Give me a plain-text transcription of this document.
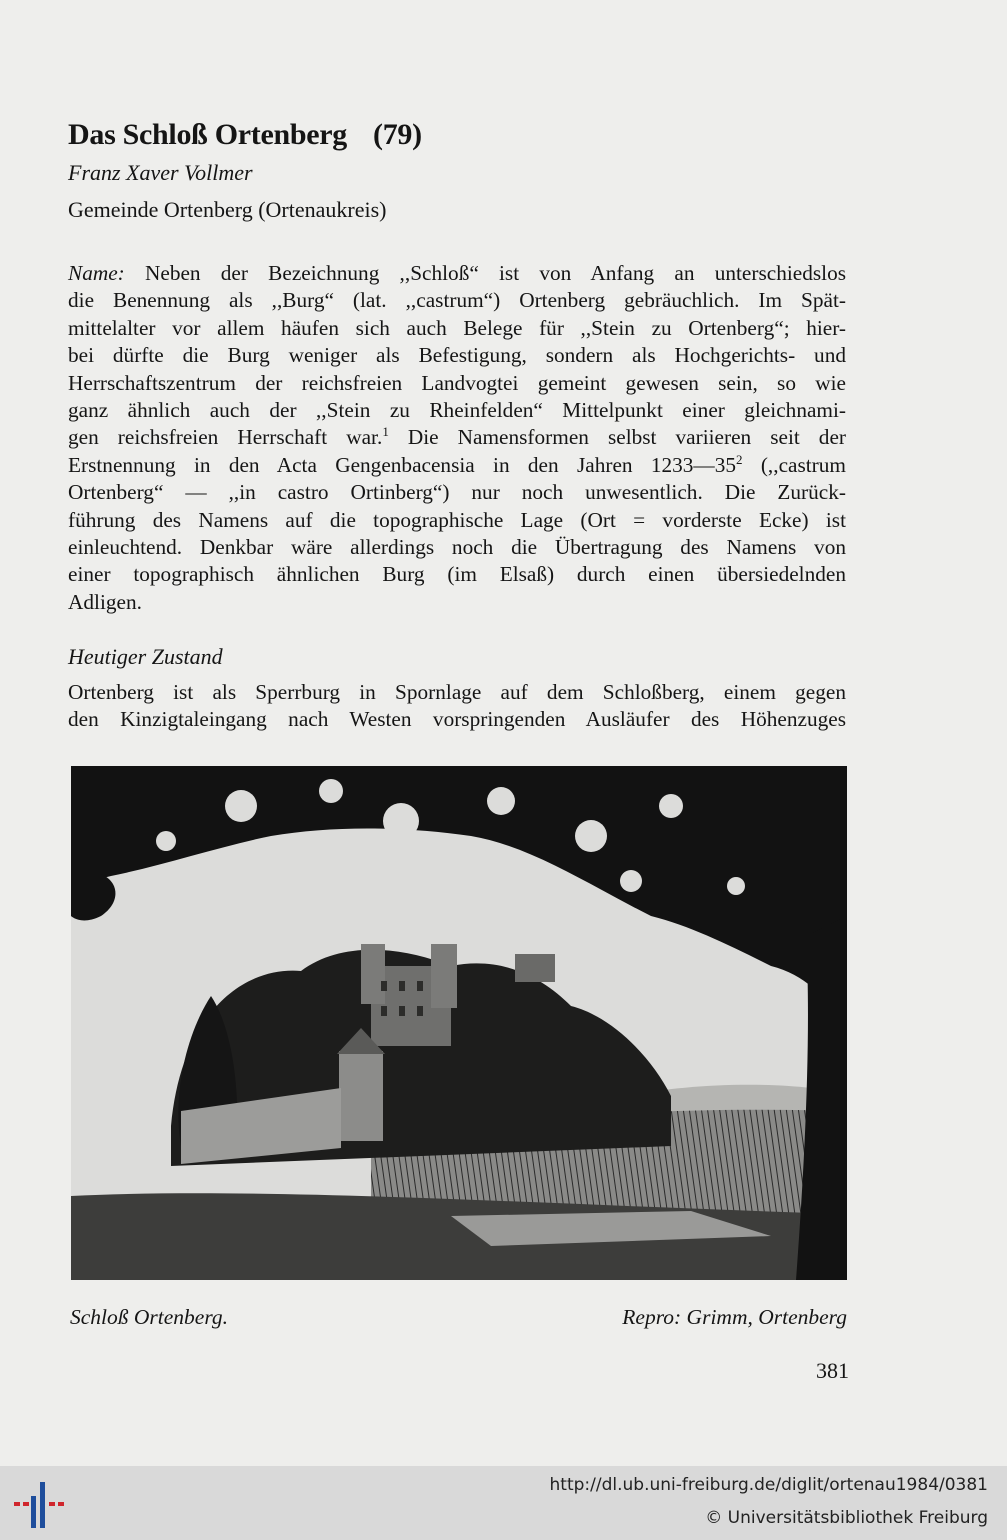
Das Schloß Ortenberg (79)
Franz Xaver Vollmer
Gemeinde Ortenberg (Ortenaukreis)
Name: Neben der Bezeichnung ,,Schloß“ ist von Anfang an unterschiedslos
die Benennung als ,,Burg“ (lat. ,,castrum“) Ortenberg gebräuchlich. Im Spät-
mittelalter vor allem häufen sich auch Belege für ,,Stein zu Ortenberg“; hier-
bei dürfte die Burg weniger als Befestigung, sondern als Hochgerichts- und
Herrschaftszentrum der reichsfreien Landvogtei gemeint gewesen sein, so wie
ganz ähnlich auch der ,,Stein zu Rheinfelden“ Mittelpunkt einer gleichnami-
gen reichsfreien Herrschaft war.$^1$ Die Namensformen selbst variieren seit der
Erstnennung in den Acta Gengenbacensia in den Jahren $1233—35^2$ (,,castrum
Ortenberg“ — ,,in castro Ortinberg“) nur noch unwesentlich. Die Zurück-
führung des Namens auf die topographische Lage (Ort = vorderste Ecke) ist
einleuchtend. Denkbar wäre allerdings noch die Übertragung des Namens von
einer topographisch ähnlichen Burg (im Elsaß) durch einen übersiedelnden
Adligen.
Heutiger Zustand
Ortenberg ist als Sperrburg in Spornlage auf dem Schloßberg, einem gegen
den Kinzigtaleingang nach Westen vorspringenden Ausläufer des Höhenzuges
Schloß Ortenberg.	Repro: Grimm, Ortenberg
381
http://dl.ub.uni-freiburg.de/diglit/ortenau1984/0381
© Universitätsbibliothek Freiburg
